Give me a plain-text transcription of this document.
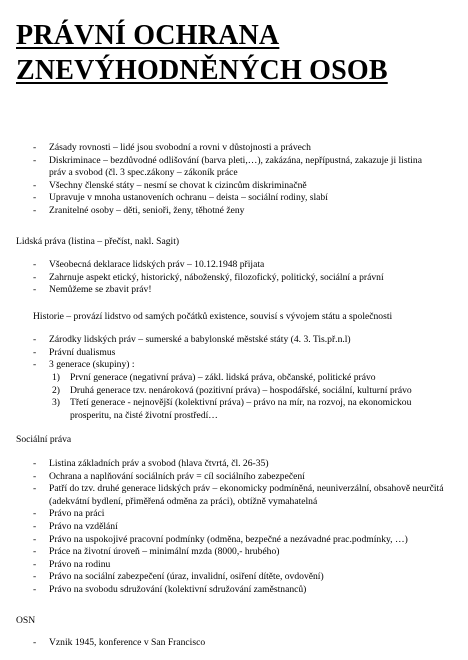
PRÁVNÍ OCHRANA
ZNEVÝHODNĚNÝCH OSOB
- Zásady rovnosti – lidé jsou svobodní a rovni v důstojnosti a právech
- Diskriminace – bezdůvodné odlišování (barva pleti,…), zakázána, nepřípustná, zakazuje ji listina práv a svobod (čl. 3 spec.zákony – zákoník práce
- Všechny členské státy – nesmí se chovat k cizincům diskriminačně
- Upravuje v mnoha ustanoveních ochranu – deista – sociální rodiny, slabí
- Zranitelné osoby – děti, senioři, ženy, těhotné ženy
Lidská práva (listina – přečíst, nakl. Sagit)
- Všeobecná deklarace lidských práv – 10.12.1948 přijata
- Zahrnuje aspekt etický, historický, náboženský, filozofický, politický, sociální a právní
- Nemůžeme se zbavit práv!
Historie – provází lidstvo od samých počátků existence, souvisí s vývojem státu a společnosti
- Zárodky lidských práv – sumerské a babylonské městské státy (4. 3. Tis.př.n.l)
- Právní dualismus
- 3 generace (skupiny) :
1) První generace (negativní práva) – zákl. lidská práva, občanské, politické právo
2) Druhá generace tzv. nenároková (pozitivní práva) – hospodářské, sociální, kulturní právo
3) Třetí generace - nejnovější (kolektivní práva) – právo na mír, na rozvoj, na ekonomickou prosperitu, na čisté životní prostředí…
Sociální práva
- Listina základních práv a svobod (hlava čtvrtá, čl. 26-35)
- Ochrana a naplňování sociálních práv = cíl sociálního zabezpečení
- Patří do tzv. druhé generace lidských práv – ekonomicky podmíněná, neuniverzální, obsahově neurčitá (adekvátní bydlení, přiměřená odměna za práci), obtížně vymahatelná
- Právo na práci
- Právo na vzdělání
- Právo na uspokojivé pracovní podmínky (odměna, bezpečné a nezávadné prac.podmínky, …)
- Práce na životní úroveň – minimální mzda (8000,- hrubého)
- Právo na rodinu
- Právo na sociální zabezpečení (úraz, invalidní, osiření dítěte, ovdovění)
- Právo na svobodu sdružování (kolektivní sdružování zaměstnanců)
OSN
- Vznik 1945, konference v San Francisco
